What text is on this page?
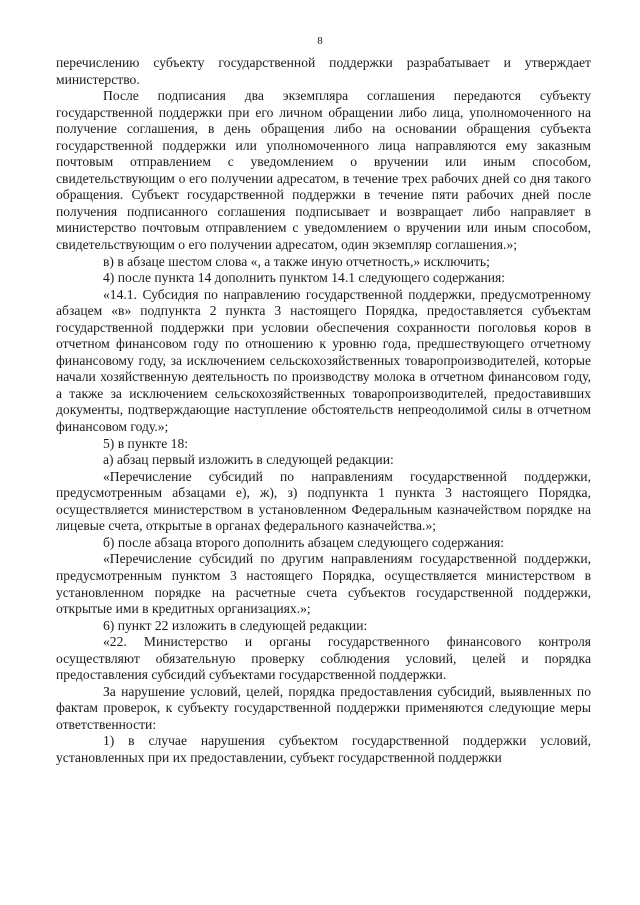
8

перечислению субъекту государственной поддержки разрабатывает и утверждает министерство.

После подписания два экземпляра соглашения передаются субъекту государственной поддержки при его личном обращении либо лица, уполномоченного на получение соглашения, в день обращения либо на основании обращения субъекта государственной поддержки или уполномоченного лица направляются ему заказным почтовым отправлением с уведомлением о вручении или иным способом, свидетельствующим о его получении адресатом, в течение трех рабочих дней со дня такого обращения. Субъект государственной поддержки в течение пяти рабочих дней после получения подписанного соглашения подписывает и возвращает либо направляет в министерство почтовым отправлением с уведомлением о вручении или иным способом, свидетельствующим о его получении адресатом, один экземпляр соглашения.»;

в) в абзаце шестом слова «, а также иную отчетность,» исключить;

4) после пункта 14 дополнить пунктом 14.1 следующего содержания:

«14.1. Субсидия по направлению государственной поддержки, предусмотренному абзацем «в» подпункта 2 пункта 3 настоящего Порядка, предоставляется субъектам государственной поддержки при условии обеспечения сохранности поголовья коров в отчетном финансовом году по отношению к уровню года, предшествующего отчетному финансовому году, за исключением сельскохозяйственных товаропроизводителей, которые начали хозяйственную деятельность по производству молока в отчетном финансовом году, а также за исключением сельскохозяйственных товаропроизводителей, предоставивших документы, подтверждающие наступление обстоятельств непреодолимой силы в отчетном финансовом году.»;

5) в пункте 18:

а) абзац первый изложить в следующей редакции:

«Перечисление субсидий по направлениям государственной поддержки, предусмотренным абзацами е), ж), з) подпункта 1 пункта 3 настоящего Порядка, осуществляется министерством в установленном Федеральным казначейством порядке на лицевые счета, открытые в органах федерального казначейства.»;

б) после абзаца второго дополнить абзацем следующего содержания:

«Перечисление субсидий по другим направлениям государственной поддержки, предусмотренным пунктом 3 настоящего Порядка, осуществляется министерством в установленном порядке на расчетные счета субъектов государственной поддержки, открытые ими в кредитных организациях.»;

6) пункт 22 изложить в следующей редакции:

«22. Министерство и органы государственного финансового контроля осуществляют обязательную проверку соблюдения условий, целей и порядка предоставления субсидий субъектами государственной поддержки.

За нарушение условий, целей, порядка предоставления субсидий, выявленных по фактам проверок, к субъекту государственной поддержки применяются следующие меры ответственности:

1) в случае нарушения субъектом государственной поддержки условий, установленных при их предоставлении, субъект государственной поддержки
